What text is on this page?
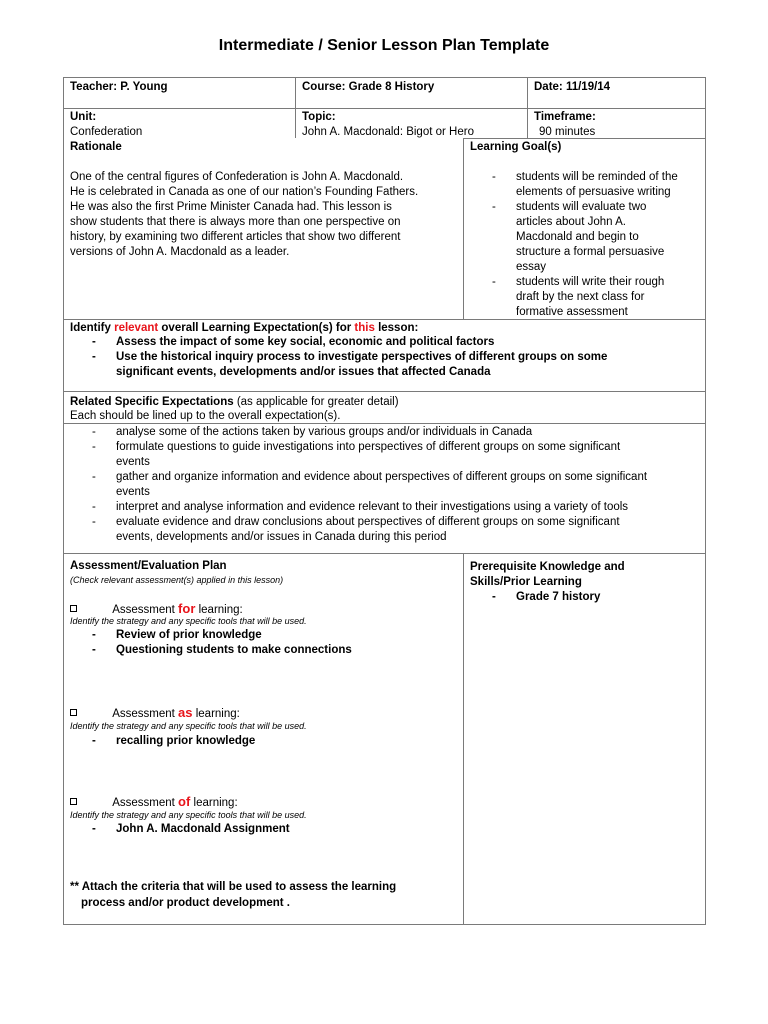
Intermediate / Senior Lesson Plan Template
Teacher: P. Young	Course: Grade 8 History	Date: 11/19/14
Unit:
Confederation
Topic:
John A. Macdonald: Bigot or Hero
Timeframe:
90 minutes
Rationale
One of the central figures of Confederation is John A. Macdonald.
He is celebrated in Canada as one of our nation’s Founding Fathers.
He was also the first Prime Minister Canada had. This lesson is
show students that there is always more than one perspective on
history, by examining two different articles that show two different
versions of John A. Macdonald as a leader.
Learning Goal(s)
- students will be reminded of the
elements of persuasive writing
- students will evaluate two
articles about John A.
Macdonald and begin to
structure a formal persuasive
essay
- students will write their rough
draft by the next class for
formative assessment
Identify relevant overall Learning Expectation(s) for this lesson:
- Assess the impact of some key social, economic and political factors
- Use the historical inquiry process to investigate perspectives of different groups on some
significant events, developments and/or issues that affected Canada
Related Specific Expectations (as applicable for greater detail)
Each should be lined up to the overall expectation(s).
- analyse some of the actions taken by various groups and/or individuals in Canada
- formulate questions to guide investigations into perspectives of different groups on some significant
events
- gather and organize information and evidence about perspectives of different groups on some significant
events
- interpret and analyse information and evidence relevant to their investigations using a variety of tools
- evaluate evidence and draw conclusions about perspectives of different groups on some significant
events, developments and/or issues in Canada during this period
Assessment/Evaluation Plan
(Check relevant assessment(s) applied in this lesson)
Assessment for learning:
Identify the strategy and any specific tools that will be used.
- Review of prior knowledge
- Questioning students to make connections
Assessment as learning:
Identify the strategy and any specific tools that will be used.
- recalling prior knowledge
Assessment of learning:
Identify the strategy and any specific tools that will be used.
- John A. Macdonald Assignment
** Attach the criteria that will be used to assess the learning
process and/or product development .
Prerequisite Knowledge and
Skills/Prior Learning
- Grade 7 history
